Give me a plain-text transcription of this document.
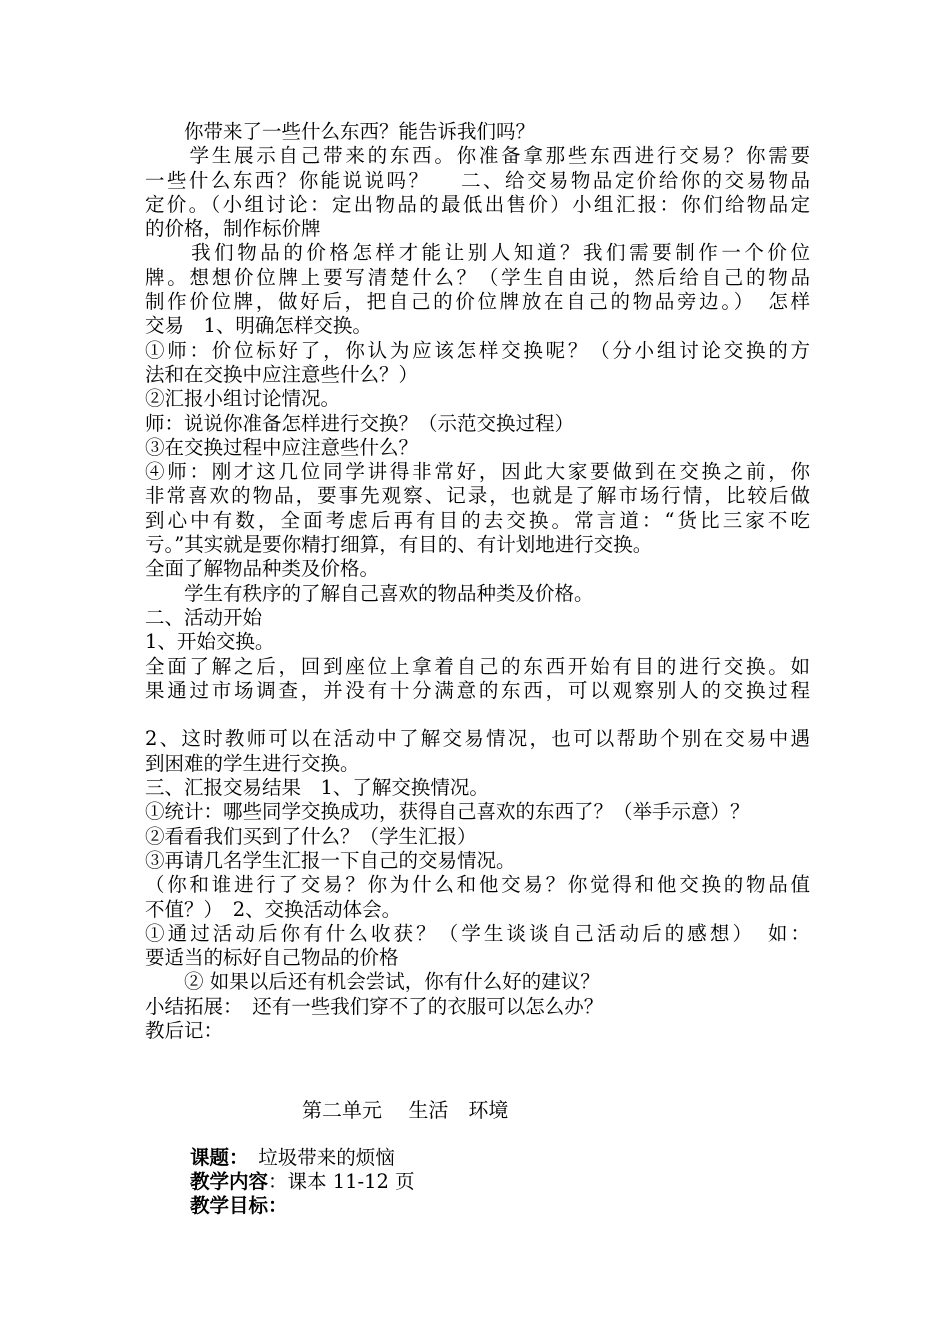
　　你带来了一些什么东西？能告诉我们吗？
　　学生展示自己带来的东西。你准备拿那些东西进行交易？你需要
一些什么东西？你能说说吗？　 二、给交易物品定价给你的交易物品
定价。（小组讨论：定出物品的最低出售价）小组汇报：你们给物品定
的价格，制作标价牌
　　我们物品的价格怎样才能让别人知道？我们需要制作一个价位
牌。想想价位牌上要写清楚什么？（学生自由说，然后给自己的物品
制作价位牌，做好后，把自己的价位牌放在自己的物品旁边。）　怎样
交易　1、明确怎样交换。
①师：价位标好了，你认为应该怎样交换呢？（分小组讨论交换的方
法和在交换中应注意些什么？）
②汇报小组讨论情况。
师：说说你准备怎样进行交换？（示范交换过程）
③在交换过程中应注意些什么？
④师：刚才这几位同学讲得非常好，因此大家要做到在交换之前，你
非常喜欢的物品，要事先观察、记录，也就是了解市场行情，比较后做
到心中有数，全面考虑后再有目的去交换。常言道：“货比三家不吃
亏。”其实就是要你精打细算，有目的、有计划地进行交换。
全面了解物品种类及价格。
　　学生有秩序的了解自己喜欢的物品种类及价格。
二、活动开始
1、开始交换。
全面了解之后，回到座位上拿着自己的东西开始有目的进行交换。如
果通过市场调查，并没有十分满意的东西，可以观察别人的交换过程
2、这时教师可以在活动中了解交易情况，也可以帮助个别在交易中遇
到困难的学生进行交换。
三、汇报交易结果　1、了解交换情况。
①统计：哪些同学交换成功，获得自己喜欢的东西了？（举手示意）？
②看看我们买到了什么？（学生汇报）
③再请几名学生汇报一下自己的交易情况。
（你和谁进行了交易？你为什么和他交易？你觉得和他交换的物品值
不值？）　2、交换活动体会。
①通过活动后你有什么收获？（学生谈谈自己活动后的感想）　如：
要适当的标好自己物品的价格
　　② 如果以后还有机会尝试，你有什么好的建议？
小结拓展：　还有一些我们穿不了的衣服可以怎么办？
教后记：
第二单元　 生活　环境
课题：　垃圾带来的烦恼
教学内容：课本 11-12 页
教学目标：
